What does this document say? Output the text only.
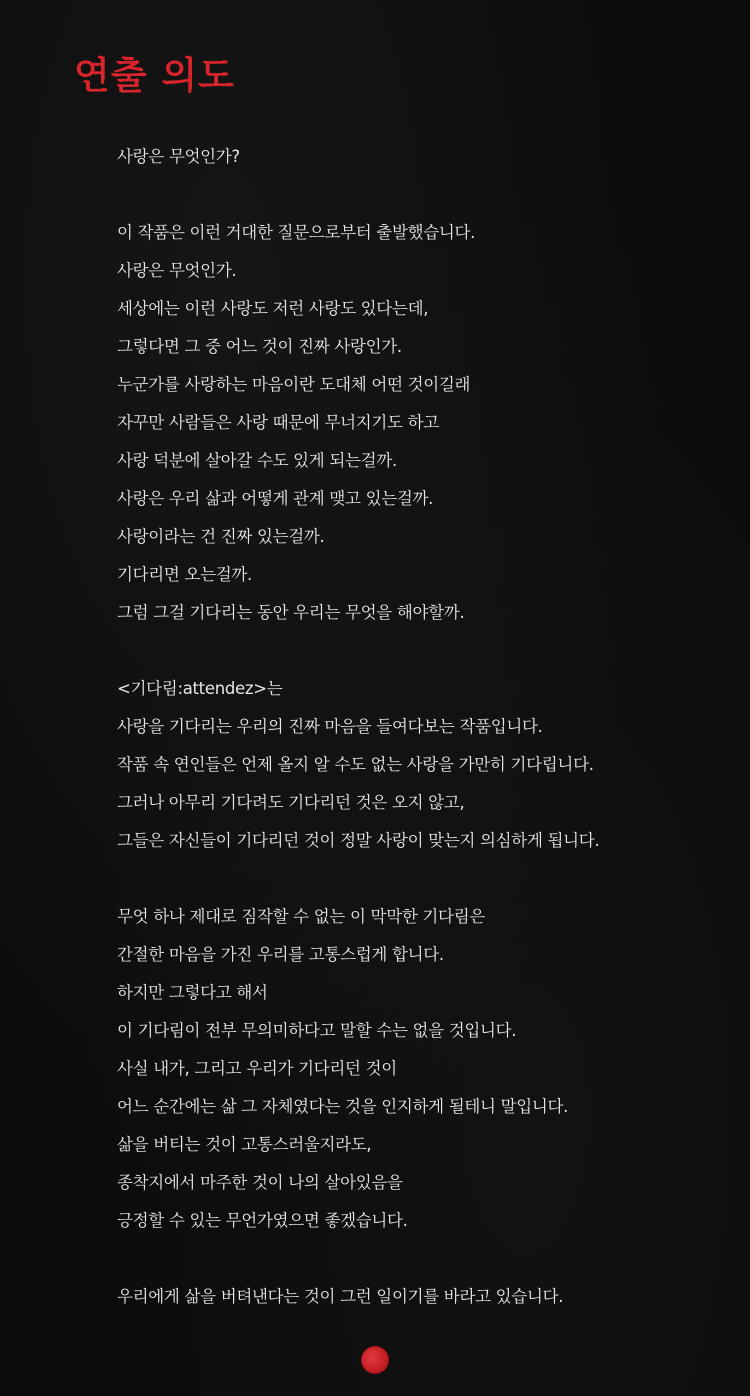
연출 의도
사랑은 무엇인가?
이 작품은 이런 거대한 질문으로부터 출발했습니다.
사랑은 무엇인가.
세상에는 이런 사랑도 저런 사랑도 있다는데,
그렇다면 그 중 어느 것이 진짜 사랑인가.
누군가를 사랑하는 마음이란 도대체 어떤 것이길래
자꾸만 사람들은 사랑 때문에 무너지기도 하고
사랑 덕분에 살아갈 수도 있게 되는걸까.
사랑은 우리 삶과 어떻게 관계 맺고 있는걸까.
사랑이라는 건 진짜 있는걸까.
기다리면 오는걸까.
그럼 그걸 기다리는 동안 우리는 무엇을 해야할까.
<기다림:attendez>는
사랑을 기다리는 우리의 진짜 마음을 들여다보는 작품입니다.
작품 속 연인들은 언제 올지 알 수도 없는 사랑을 가만히 기다립니다.
그러나 아무리 기다려도 기다리던 것은 오지 않고,
그들은 자신들이 기다리던 것이 정말 사랑이 맞는지 의심하게 됩니다.
무엇 하나 제대로 짐작할 수 없는 이 막막한 기다림은
간절한 마음을 가진 우리를 고통스럽게 합니다.
하지만 그렇다고 해서
이 기다림이 전부 무의미하다고 말할 수는 없을 것입니다.
사실 내가, 그리고 우리가 기다리던 것이
어느 순간에는 삶 그 자체였다는 것을 인지하게 될테니 말입니다.
삶을 버티는 것이 고통스러울지라도,
종착지에서 마주한 것이 나의 살아있음을
긍정할 수 있는 무언가였으면 좋겠습니다.
우리에게 삶을 버텨낸다는 것이 그런 일이기를 바라고 있습니다.
